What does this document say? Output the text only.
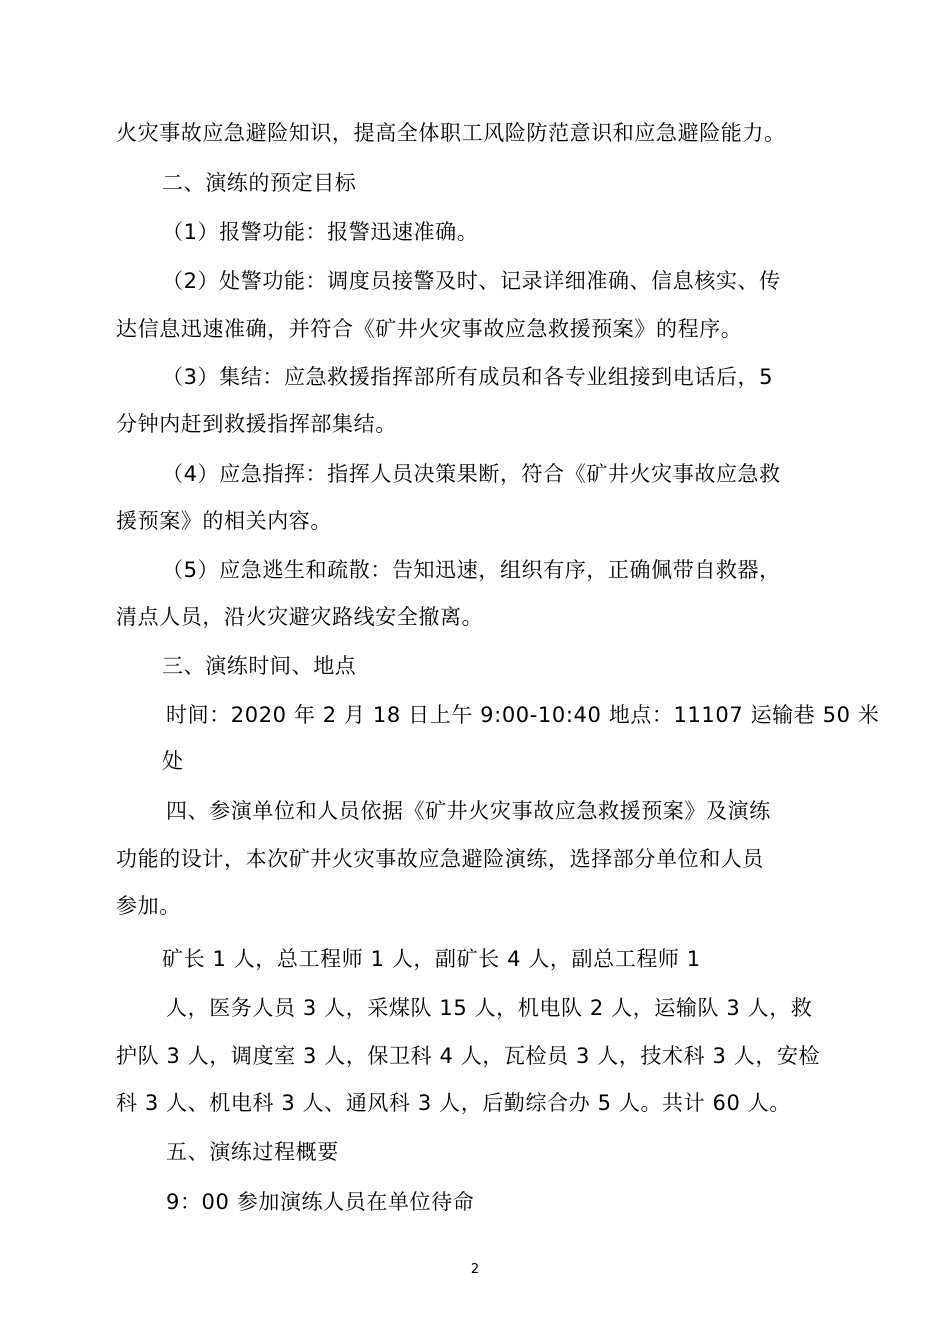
火灾事故应急避险知识，提高全体职工风险防范意识和应急避险能力。
二、演练的预定目标
（1）报警功能：报警迅速准确。
（2）处警功能：调度员接警及时、记录详细准确、信息核实、传
达信息迅速准确，并符合《矿井火灾事故应急救援预案》的程序。
（3）集结：应急救援指挥部所有成员和各专业组接到电话后，5
分钟内赶到救援指挥部集结。
（4）应急指挥：指挥人员决策果断，符合《矿井火灾事故应急救
援预案》的相关内容。
（5）应急逃生和疏散：告知迅速，组织有序，正确佩带自救器，
清点人员，沿火灾避灾路线安全撤离。
三、演练时间、地点
时间：2020 年 2 月 18 日上午 9:00-10:40 地点：11107 运输巷 50 米
处
四、参演单位和人员依据《矿井火灾事故应急救援预案》及演练
功能的设计，本次矿井火灾事故应急避险演练，选择部分单位和人员
参加。
矿长 1 人，总工程师 1 人，副矿长 4 人，副总工程师 1
人，医务人员 3 人，采煤队 15 人，机电队 2 人，运输队 3 人，救
护队 3 人，调度室 3 人，保卫科 4 人，瓦检员 3 人，技术科 3 人，安检
科 3 人、机电科 3 人、通风科 3 人，后勤综合办 5 人。共计 60 人。
五、演练过程概要
9：00 参加演练人员在单位待命
2
